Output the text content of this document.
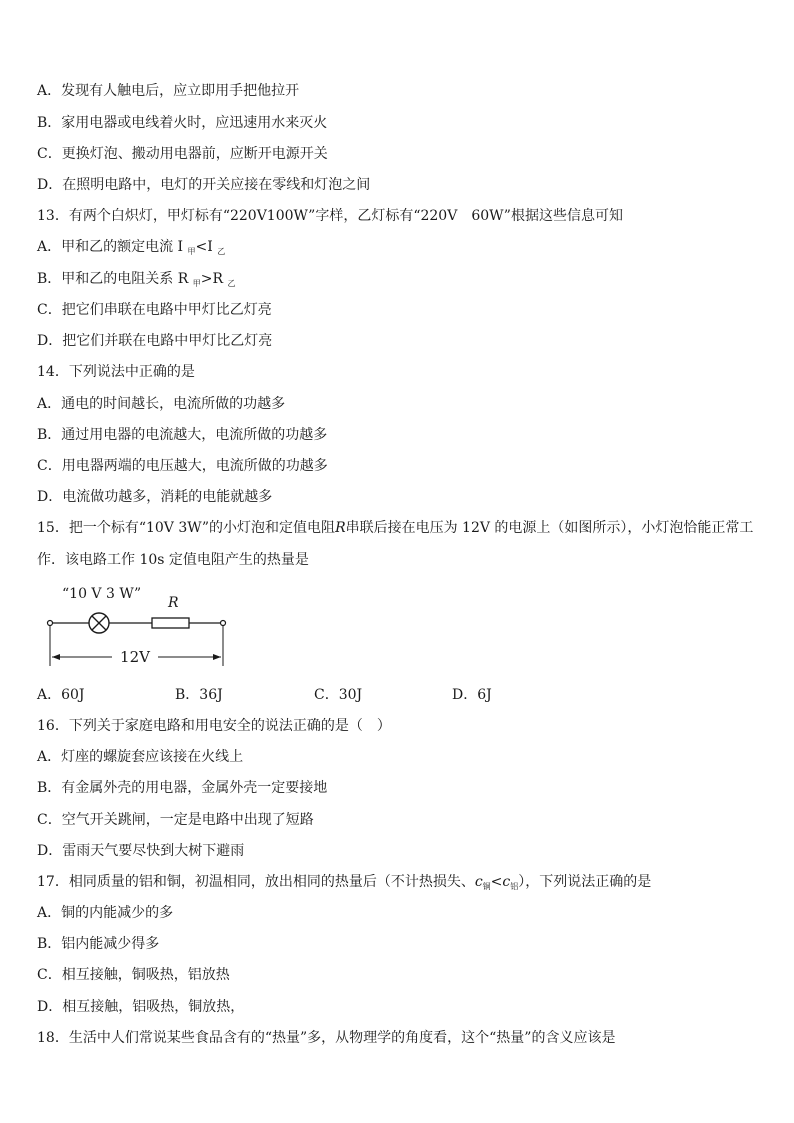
A．发现有人触电后，应立即用手把他拉开
B．家用电器或电线着火时，应迅速用水来灭火
C．更换灯泡、搬动用电器前，应断开电源开关
D．在照明电路中，电灯的开关应接在零线和灯泡之间
13．有两个白炽灯，甲灯标有“220V100W”字样，乙灯标有“220V　60W”根据这些信息可知
A．甲和乙的额定电流 I $_甲$<I $_乙$
B．甲和乙的电阻关系 R $_甲$>R $_乙$
C．把它们串联在电路中甲灯比乙灯亮
D．把它们并联在电路中甲灯比乙灯亮
14．下列说法中正确的是
A．通电的时间越长，电流所做的功越多
B．通过用电器的电流越大，电流所做的功越多
C．用电器两端的电压越大，电流所做的功越多
D．电流做功越多，消耗的电能就越多
15．把一个标有“10V 3W”的小灯泡和定值电阻R串联后接在电压为 12V 的电源上（如图所示），小灯泡恰能正常工
作．该电路工作 10s 定值电阻产生的热量是
“10 V 3 W”
R
12V
A．60J	B．36J	C．30J	D．6J
16．下列关于家庭电路和用电安全的说法正确的是（　）
A．灯座的螺旋套应该接在火线上
B．有金属外壳的用电器，金属外壳一定要接地
C．空气开关跳闸，一定是电路中出现了短路
D．雷雨天气要尽快到大树下避雨
17．相同质量的铝和铜，初温相同，放出相同的热量后（不计热损失、$c_铜<c_铝$），下列说法正确的是
A．铜的内能减少的多
B．铝内能减少得多
C．相互接触，铜吸热，铝放热
D．相互接触，铝吸热，铜放热，
18．生活中人们常说某些食品含有的“热量”多，从物理学的角度看，这个“热量”的含义应该是
